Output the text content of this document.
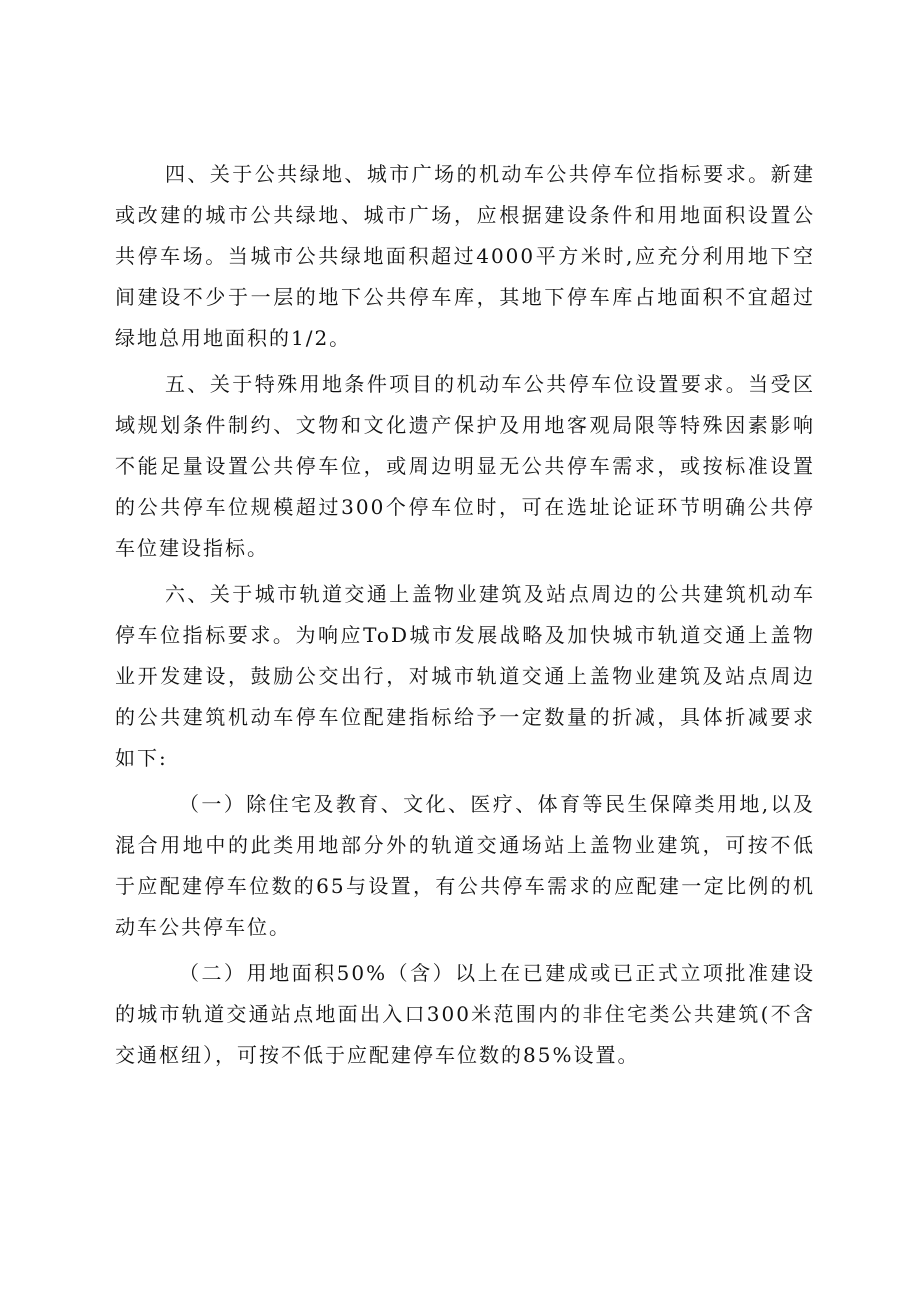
四、关于公共绿地、城市广场的机动车公共停车位指标要求。新建或改建的城市公共绿地、城市广场，应根据建设条件和用地面积设置公共停车场。当城市公共绿地面积超过4000平方米时,应充分利用地下空间建设不少于一层的地下公共停车库，其地下停车库占地面积不宜超过绿地总用地面积的1/2。

五、关于特殊用地条件项目的机动车公共停车位设置要求。当受区域规划条件制约、文物和文化遗产保护及用地客观局限等特殊因素影响不能足量设置公共停车位，或周边明显无公共停车需求，或按标准设置的公共停车位规模超过300个停车位时，可在选址论证环节明确公共停车位建设指标。

六、关于城市轨道交通上盖物业建筑及站点周边的公共建筑机动车停车位指标要求。为响应ToD城市发展战略及加快城市轨道交通上盖物业开发建设，鼓励公交出行，对城市轨道交通上盖物业建筑及站点周边的公共建筑机动车停车位配建指标给予一定数量的折减，具体折减要求如下:

（一）除住宅及教育、文化、医疗、体育等民生保障类用地,以及混合用地中的此类用地部分外的轨道交通场站上盖物业建筑，可按不低于应配建停车位数的65与设置，有公共停车需求的应配建一定比例的机动车公共停车位。

（二）用地面积50%（含）以上在已建成或已正式立项批准建设的城市轨道交通站点地面出入口300米范围内的非住宅类公共建筑(不含交通枢纽），可按不低于应配建停车位数的85%设置。
